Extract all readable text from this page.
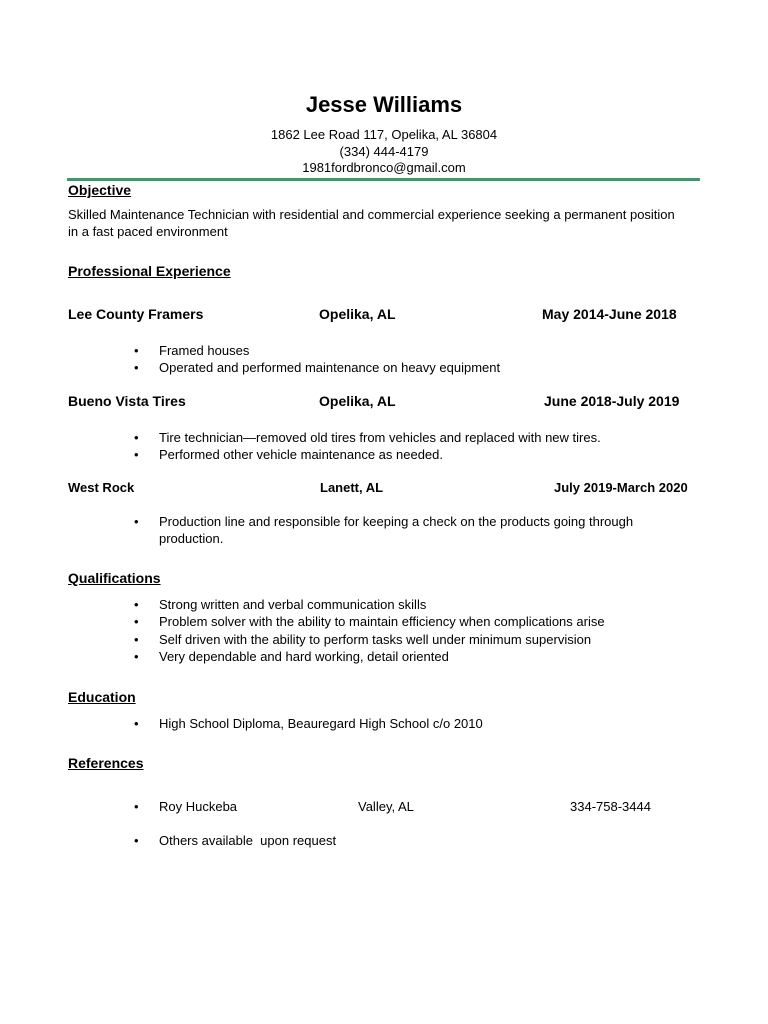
Jesse Williams
1862 Lee Road 117, Opelika, AL 36804
(334) 444-4179
1981fordbronco@gmail.com
Objective
Skilled Maintenance Technician with residential and commercial experience seeking a permanent position in a fast paced environment
Professional Experience
Lee County Framers	Opelika, AL	May 2014-June 2018
•	Framed houses
•	Operated and performed maintenance on heavy equipment
Bueno Vista Tires	Opelika, AL	June 2018-July 2019
•	Tire technician—removed old tires from vehicles and replaced with new tires.
•	Performed other vehicle maintenance as needed.
West Rock	Lanett, AL	July 2019-March 2020
•	Production line and responsible for keeping a check on the products going through production.
Qualifications
•	Strong written and verbal communication skills
•	Problem solver with the ability to maintain efficiency when complications arise
•	Self driven with the ability to perform tasks well under minimum supervision
•	Very dependable and hard working, detail oriented
Education
•	High School Diploma, Beauregard High School c/o 2010
References
• Roy Huckeba	Valley, AL	334-758-3444
• Others available  upon request
